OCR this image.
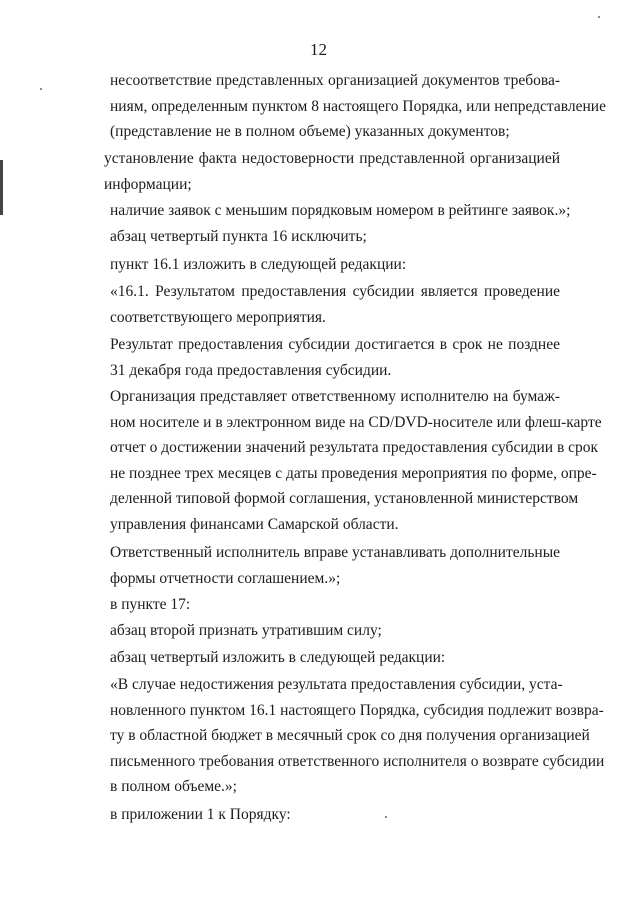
12
несоответствие представленных организацией документов требова-
ниям, определенным пунктом 8 настоящего Порядка, или непредставление
(представление не в полном объеме) указанных документов;
установление факта недостоверности представленной организацией
информации;
наличие заявок с меньшим порядковым номером в рейтинге заявок.»;
абзац четвертый пункта 16 исключить;
пункт 16.1 изложить в следующей редакции:
«16.1. Результатом предоставления субсидии является проведение
соответствующего мероприятия.
Результат предоставления субсидии достигается в срок не позднее
31 декабря года предоставления субсидии.
Организация представляет ответственному исполнителю на бумаж-
ном носителе и в электронном виде на CD/DVD-носителе или флеш-карте
отчет о достижении значений результата предоставления субсидии в срок
не позднее трех месяцев с даты проведения мероприятия по форме, опре-
деленной типовой формой соглашения, установленной министерством
управления финансами Самарской области.
Ответственный исполнитель вправе устанавливать дополнительные
формы отчетности соглашением.»;
в пункте 17:
абзац второй признать утратившим силу;
абзац четвертый изложить в следующей редакции:
«В случае недостижения результата предоставления субсидии, уста-
новленного пунктом 16.1 настоящего Порядка, субсидия подлежит возвра-
ту в областной бюджет в месячный срок со дня получения организацией
письменного требования ответственного исполнителя о возврате субсидии
в полном объеме.»;
в приложении 1 к Порядку:
